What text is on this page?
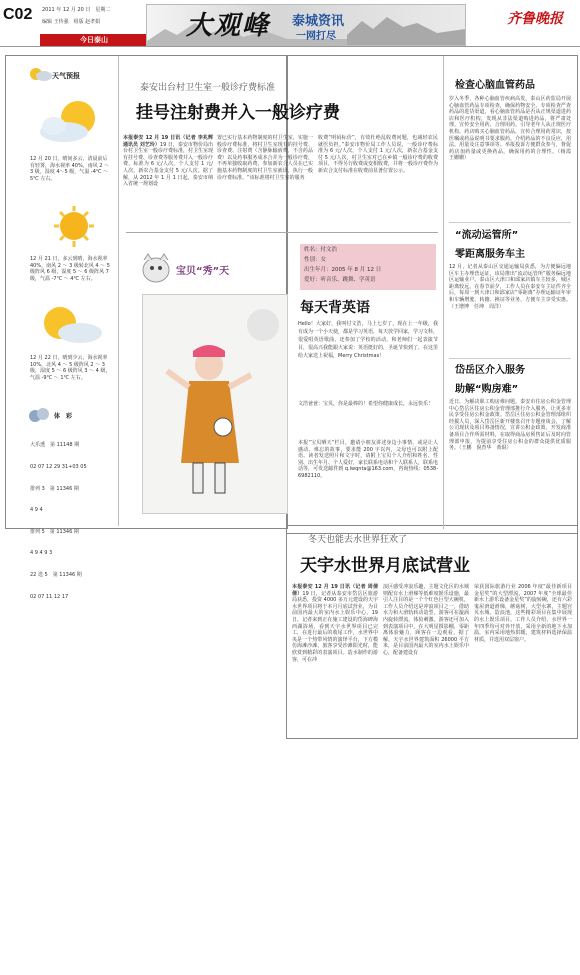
C02 2011 年 12 月 20 日　星期二
编辑 王传强　组版 赵孝娟
今日泰山	大观峰 泰城资讯
一网打尽
齐鲁晚报
天气预报
12 月 20 日，晴间多云，清晨前后有轻雾，海水视率 40%，南风 2 ～ 3 级，湿度 4～5 级，气温 -4℃ ～ 5℃ 左右。
12 月 21 日，多云到晴，海水视率 40%，南风 2 ～ 3 级转北风 4 ～ 5 级阵风 6 级，湿度 5 ～ 6 级阵风 7 级，气温 -7℃ ～ 4℃ 左右。
12 月 22 日，晴到少云，海水视率 10%，北风 4 ～ 5 级阵风 2 ～ 3 级，湿度 5 ～ 6 级阵风 3 ～ 4 级，气温 -9℃ ～ 1℃ 左右。
体　彩

大乐透　第 11148 期

02 07 12 29 31+03 05

排列 3　第 11346 期

4 9 4

排列 5　第 11346 期

4 9 4 9 3

22 选 5　第 11346 期

02 07 11 12 17

泰安出台村卫生室一般诊疗费标准
挂号注射费并入一般诊疗费
本报泰安 12 月 19 日讯（记者 李兆辉　通讯员 刘艺玲）19 日，泰安市物价局出台村卫生室一般诊疗费标准，村卫生室现有挂号费、诊查费等服务费并入一般诊疗费，标准为 6 元/人次，个人支付 1 元/人次，新农合基金支付 5 元/人次。据了解，从 2012 年 1 月 1 日起，泰安市纳入省统一规划设
置已实行基本药物制度的村卫生室，实施一般诊疗费标准，将村卫生室现有的挂号费、诊查费、注射费（含静脉输液费，不含药品费）以及药事服务成本合并为一般诊疗费，不再单独收取药费，参加新农合人员在已实施基本药物制度的村卫生室就诊，执行一般诊疗费标准。“该标准将村卫生室的服务
收费“明码标价”，有效杜绝乱收费问题，也减轻农民就医负担。”泰安市物价局工作人员说，一般诊疗费标准为 6 元/人次，个人支付 1 元/人次，新农合基金支付 5 元/人次，村卫生室对已在乡镇一般诊疗费的收费项目，不得另行收费或变相收费，并将一般诊疗费作为新农合支付标准在收费前显著位置公示。
宝贝“秀”天
姓名：付文浩
性别：女
出生年月：2005 年 8 月 12 日
爱好：听音乐、跳舞、学英语
每天背英语
Hello！大家好，我叫付文浩，马上七岁了，现在上一年级，我有成为一个小天使，都是学习英语，每天放学回家，学习文科，很爱唱英语歌曲，还参加了学校的活动，和老师们一起表演节目，很高兴我能跟大家说：英语挺好的，圣诞节快到了，在这里给大家送上祝福，Merry Christmas！
文浩爸爸：宝贝，你是最棒的！希望你健康成长，永远快乐！
本报“宝贝晒天”栏目，邀请小朋友讲述身边小事情，或是让人感动、难忘的故事，要求能 200 字以内，父母也可以附上配语。读者发送照片和文字时，请附上宝贝个人介绍和姓名、性别、出生年月、个人爱好，家长联系电话和个人联系人，联系电话等，可发送邮件到 q.lwqnta@163.com，咨询热线：0538-6982110。
检查心脑血管药品
岁入冬季，各种心脑血管疾病高发，泰山区药监局开展心脑血管药品专项检查，确保药物安全。专项检查严查药品的进货渠道，看心脑血管药品是否从正规渠道进药店和医疗机构，发现从非法渠道购进药品，将严肃处理。宣传安全用药、合理用药，引导老年人从正规医疗机构、药店购买心脑血管药品，宣传合理用药常识，按医嘱或药品说明书要求服药。介绍药品的不良反应，用法、用量及注意事项等。举报投诉方便群众参与，督促药店加药量或更换药品，确保用药的合理性。（杨霞　王姗姗）
“流动运管所”
零距离服务车主
12 月，记者从泰山区交通运输局获悉，为方便偏远地区车主办理营运证，该局推出“流动运管所”服务偏远地区运输业户。泰山区大津口和邱家店镇车主较多，城区距离较远，在春节前夕，工作人员在泰安车主证件齐全后，每周一到大津口和邱家店“零距离”办理运输证年审和车辆增驶、转籍、换证等业务，方便车主享受实惠。（王增博　任坤　周洋）
岱岳区介入服务
助解“购房难”
近日，为解决职工购房难问题，泰安市住房公积金管理中心岱岳区住房公积金管理部推行介入服务，让更多市民享受住房公积金政策。岱岳区住房公积金管理部组织经援人员，深入岱岳区新开楼盘召开专题座谈会，了解公司现状及项目筹备情况，宣讲公积金政策，开发商准备项目合作所需材料，在取得商品房预售证后及时向管理部申报，为提前享受住房公积金的群众提供优质服务。（王鹏　倪育华　黄琨）
冬天也能去水世界狂欢了
天宇水世界月底试营业
本报泰安 12 月 19 日讯（记者 周倩倩）19 日，记者从泰安市岱岳区旅游局获悉，投资 4000 多万元建设的天宇水世界项目将于本月月底试营业，为目前国内最大的室内水上娱乐中心。19 日，记者来到正在施工建设的岱海碑海西湖浴场，看到天宇水世界项目已完工，在进行最后的收尾工作，水世界中央是一个热带风情的演绎平台，下方模仿海滩沙滩，旅客享受沙滩阳光时，能欣赏到精彩的表演项目。造水制作的游客，可在冲
浪区感受冲浪乐趣，主题文化区的水城则配有水上滑梯等低难度娱乐设施，最引人注目的是一个个红色巨型大碗机，工作人员介绍这是冲浪项目之一，借助水力和大滑轨转动造型，游客可在漩涡内旋转漂流，体验刺激。游客还可加入到表演项目中，在大明星摄影棚，零距离体验魅力，顾客在一边观看。据了解，天宇水世界建筑面积 26000 平方米，是目前国内最大的室内水上娱乐中心，配备建设有
荣获国际旅游行业 2006 年度“最佳新项目金星奖”的大型漂流，2007 年度“全球最佳新水上游乐设备金星奖”的旋转碗，还有六彩鬼屋滑道滑梯，蘑菇树，大型水寨，主题宫贝水城，造浪池，这些精彩项目在集中展现的水上娱乐项目。工作人员介绍，水世界一年四季均可对外开放，采用全新的地下水加温，室内采用地热供暖，建筑材料选择保温材质，并选用双层窗户。
